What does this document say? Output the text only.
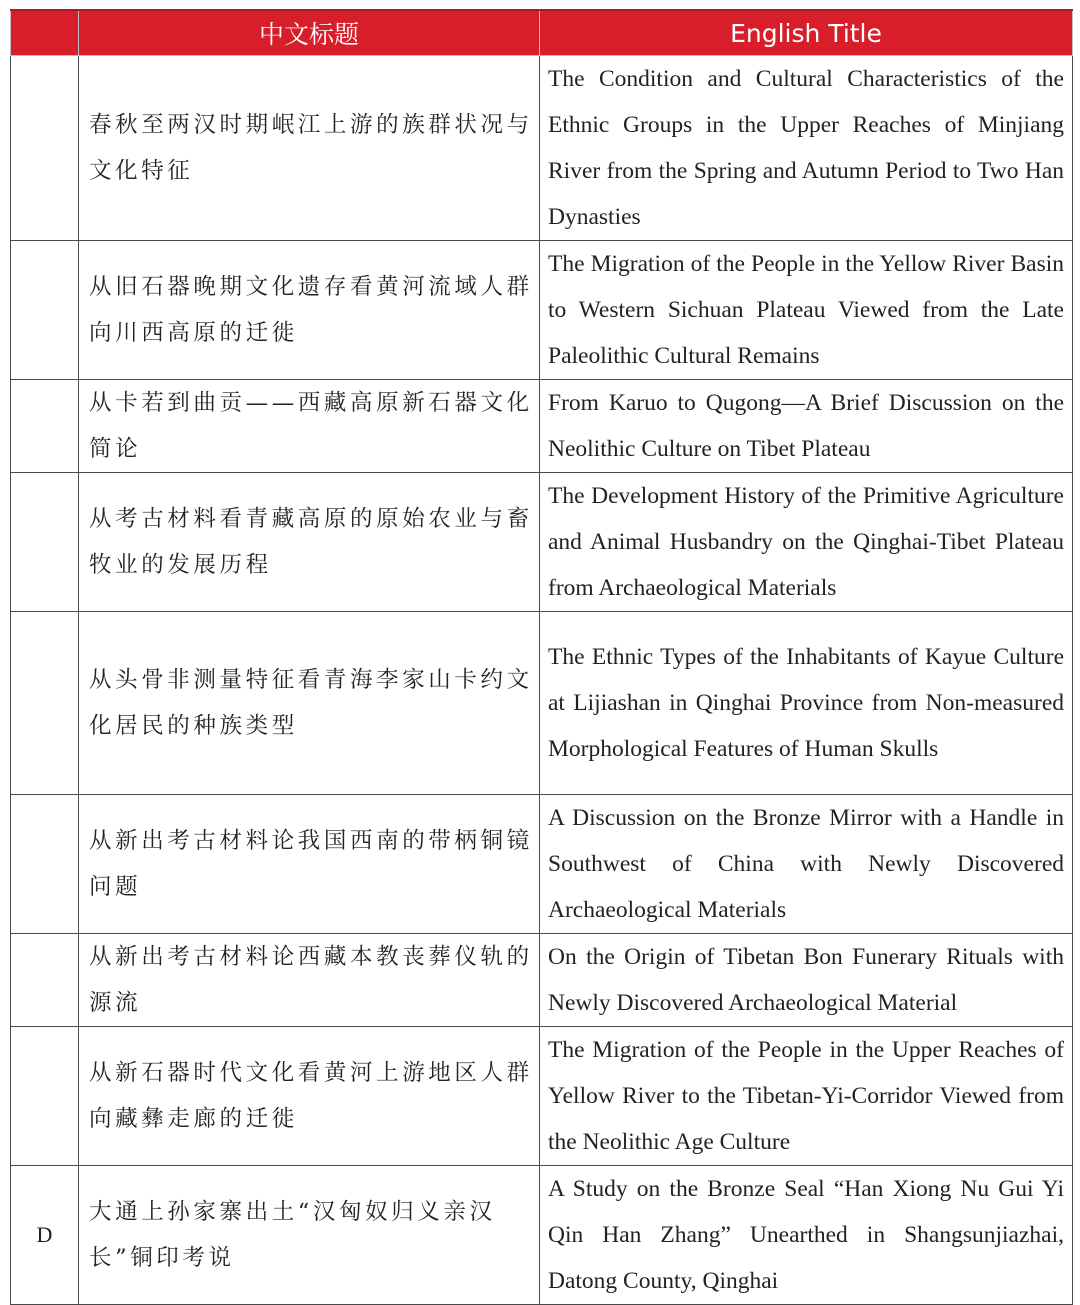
	中文标题	English Title
	春秋至两汉时期岷江上游的族群状况与文化特征	The Condition and Cultural Characteristics of the Ethnic Groups in the Upper Reaches of Minjiang River from the Spring and Autumn Period to Two Han Dynasties
	从旧石器晚期文化遗存看黄河流域人群向川西高原的迁徙	The Migration of the People in the Yellow River Basin to Western Sichuan Plateau Viewed from the Late Paleolithic Cultural Remains
	从卡若到曲贡——西藏高原新石器文化简论	From Karuo to Qugong—A Brief Discussion on the Neolithic Culture on Tibet Plateau
	从考古材料看青藏高原的原始农业与畜牧业的发展历程	The Development History of the Primitive Agriculture and Animal Husbandry on the Qinghai-Tibet Plateau from Archaeological Materials
	从头骨非测量特征看青海李家山卡约文化居民的种族类型	The Ethnic Types of the Inhabitants of Kayue Culture at Lijiashan in Qinghai Province from Non-measured Morphological Features of Human Skulls
	从新出考古材料论我国西南的带柄铜镜问题	A Discussion on the Bronze Mirror with a Handle in Southwest of China with Newly Discovered Archaeological Materials
	从新出考古材料论西藏本教丧葬仪轨的源流	On the Origin of Tibetan Bon Funerary Rituals with Newly Discovered Archaeological Material
	从新石器时代文化看黄河上游地区人群向藏彝走廊的迁徙	The Migration of the People in the Upper Reaches of Yellow River to the Tibetan-Yi-Corridor Viewed from the Neolithic Age Culture
D	大通上孙家寨出土“汉匈奴归义亲汉长”铜印考说	A Study on the Bronze Seal “Han Xiong Nu Gui Yi Qin Han Zhang” Unearthed in Shangsunjiazhai, Datong County, Qinghai
